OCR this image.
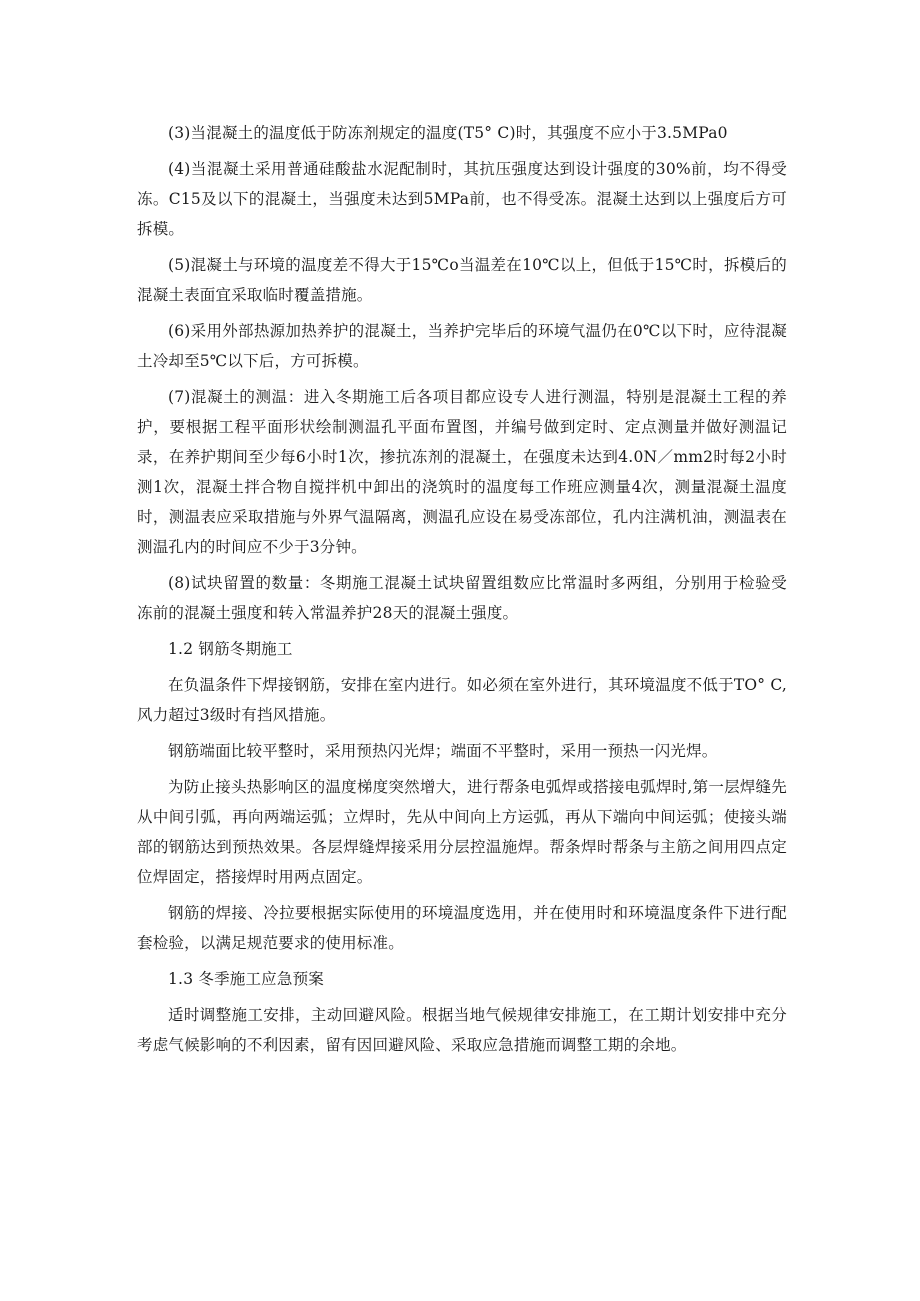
(3)当混凝土的温度低于防冻剂规定的温度(T5° C)时，其强度不应小于3.5MPa0

(4)当混凝土采用普通硅酸盐水泥配制时，其抗压强度达到设计强度的30%前，均不得受冻。C15及以下的混凝土，当强度未达到5MPa前，也不得受冻。混凝土达到以上强度后方可拆模。

(5)混凝土与环境的温度差不得大于15℃o当温差在10℃以上，但低于15℃时，拆模后的混凝土表面宜采取临时覆盖措施。

(6)采用外部热源加热养护的混凝土，当养护完毕后的环境气温仍在0℃以下时，应待混凝土冷却至5℃以下后，方可拆模。

(7)混凝土的测温：进入冬期施工后各项目都应设专人进行测温，特别是混凝土工程的养护，要根据工程平面形状绘制测温孔平面布置图，并编号做到定时、定点测量并做好测温记录，在养护期间至少每6小时1次，掺抗冻剂的混凝土，在强度未达到4.0N／mm2时每2小时测1次，混凝土拌合物自搅拌机中卸出的浇筑时的温度每工作班应测量4次，测量混凝土温度时，测温表应采取措施与外界气温隔离，测温孔应设在易受冻部位，孔内注满机油，测温表在测温孔内的时间应不少于3分钟。

(8)试块留置的数量：冬期施工混凝土试块留置组数应比常温时多两组，分别用于检验受冻前的混凝土强度和转入常温养护28天的混凝土强度。

1.2 钢筋冬期施工

在负温条件下焊接钢筋，安排在室内进行。如必须在室外进行，其环境温度不低于TO° C,风力超过3级时有挡风措施。

钢筋端面比较平整时，采用预热闪光焊；端面不平整时，采用一预热一闪光焊。

为防止接头热影响区的温度梯度突然增大，进行帮条电弧焊或搭接电弧焊时,第一层焊缝先从中间引弧，再向两端运弧；立焊时，先从中间向上方运弧，再从下端向中间运弧；使接头端部的钢筋达到预热效果。各层焊缝焊接采用分层控温施焊。帮条焊时帮条与主筋之间用四点定位焊固定，搭接焊时用两点固定。

钢筋的焊接、冷拉要根据实际使用的环境温度选用，并在使用时和环境温度条件下进行配套检验，以满足规范要求的使用标准。

1.3 冬季施工应急预案

适时调整施工安排，主动回避风险。根据当地气候规律安排施工，在工期计划安排中充分考虑气候影响的不利因素，留有因回避风险、采取应急措施而调整工期的余地。
